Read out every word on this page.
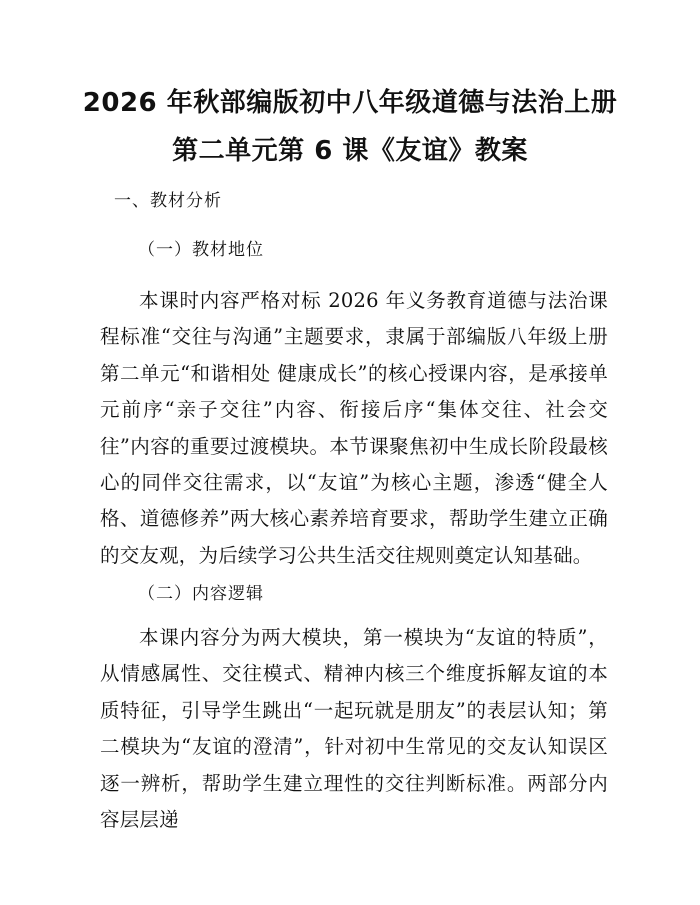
2026 年秋部编版初中八年级道德与法治上册
第二单元第 6 课《友谊》教案
一、教材分析
（一）教材地位

本课时内容严格对标 2026 年义务教育道德与法治课程标准“交往与沟通”主题要求，隶属于部编版八年级上册第二单元“和谐相处 健康成长”的核心授课内容，是承接单元前序“亲子交往”内容、衔接后序“集体交往、社会交往”内容的重要过渡模块。本节课聚焦初中生成长阶段最核心的同伴交往需求，以“友谊”为核心主题，渗透“健全人格、道德修养”两大核心素养培育要求，帮助学生建立正确的交友观，为后续学习公共生活交往规则奠定认知基础。

（二）内容逻辑

本课内容分为两大模块，第一模块为“友谊的特质”，从情感属性、交往模式、精神内核三个维度拆解友谊的本质特征，引导学生跳出“一起玩就是朋友”的表层认知；第二模块为“友谊的澄清”，针对初中生常见的交友认知误区逐一辨析，帮助学生建立理性的交往判断标准。两部分内容层层递
